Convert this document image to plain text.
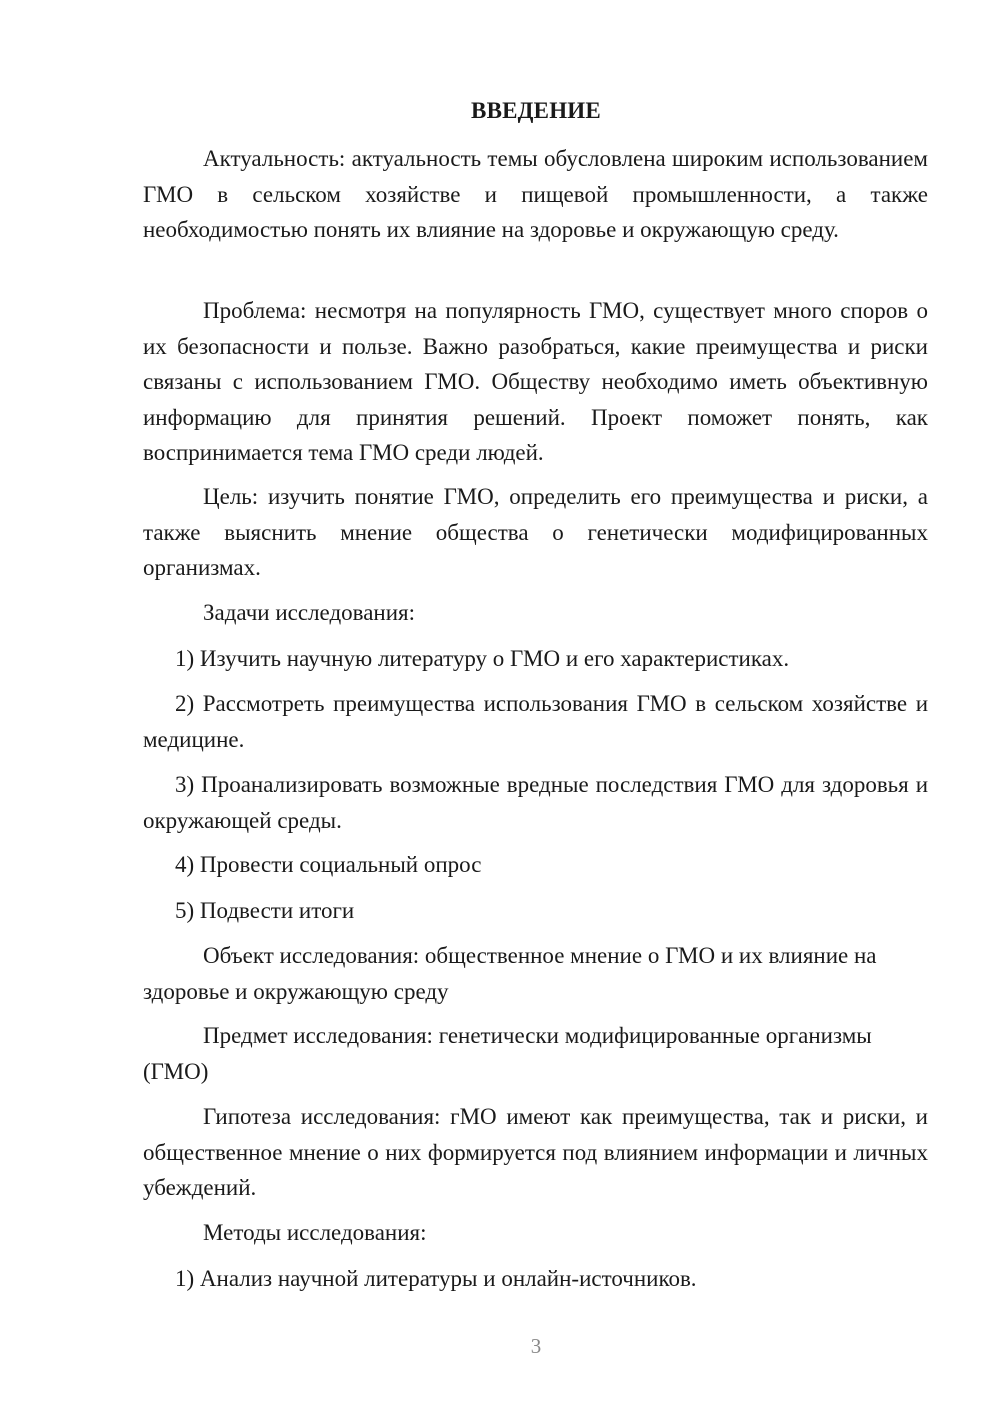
ВВЕДЕНИЕ

Актуальность: актуальность темы обусловлена широким использованием ГМО в сельском хозяйстве и пищевой промышленности, а также необходимостью понять их влияние на здоровье и окружающую среду.

Проблема: несмотря на популярность ГМО, существует много споров о их безопасности и пользе. Важно разобраться, какие преимущества и риски связаны с использованием ГМО. Обществу необходимо иметь объективную информацию для принятия решений. Проект поможет понять, как воспринимается тема ГМО среди людей.

Цель: изучить понятие ГМО, определить его преимущества и риски, а также выяснить мнение общества о генетически модифицированных организмах.

Задачи исследования:

1) Изучить научную литературу о ГМО и его характеристиках.

2) Рассмотреть преимущества использования ГМО в сельском хозяйстве и медицине.

3) Проанализировать возможные вредные последствия ГМО для здоровья и окружающей среды.

4) Провести социальный опрос

5) Подвести итоги

Объект исследования: общественное мнение о ГМО и их влияние на здоровье и окружающую среду

Предмет исследования: генетически модифицированные организмы (ГМО)

Гипотеза исследования: гМО имеют как преимущества, так и риски, и общественное мнение о них формируется под влиянием информации и личных убеждений.

Методы исследования:

1) Анализ научной литературы и онлайн-источников.

3
